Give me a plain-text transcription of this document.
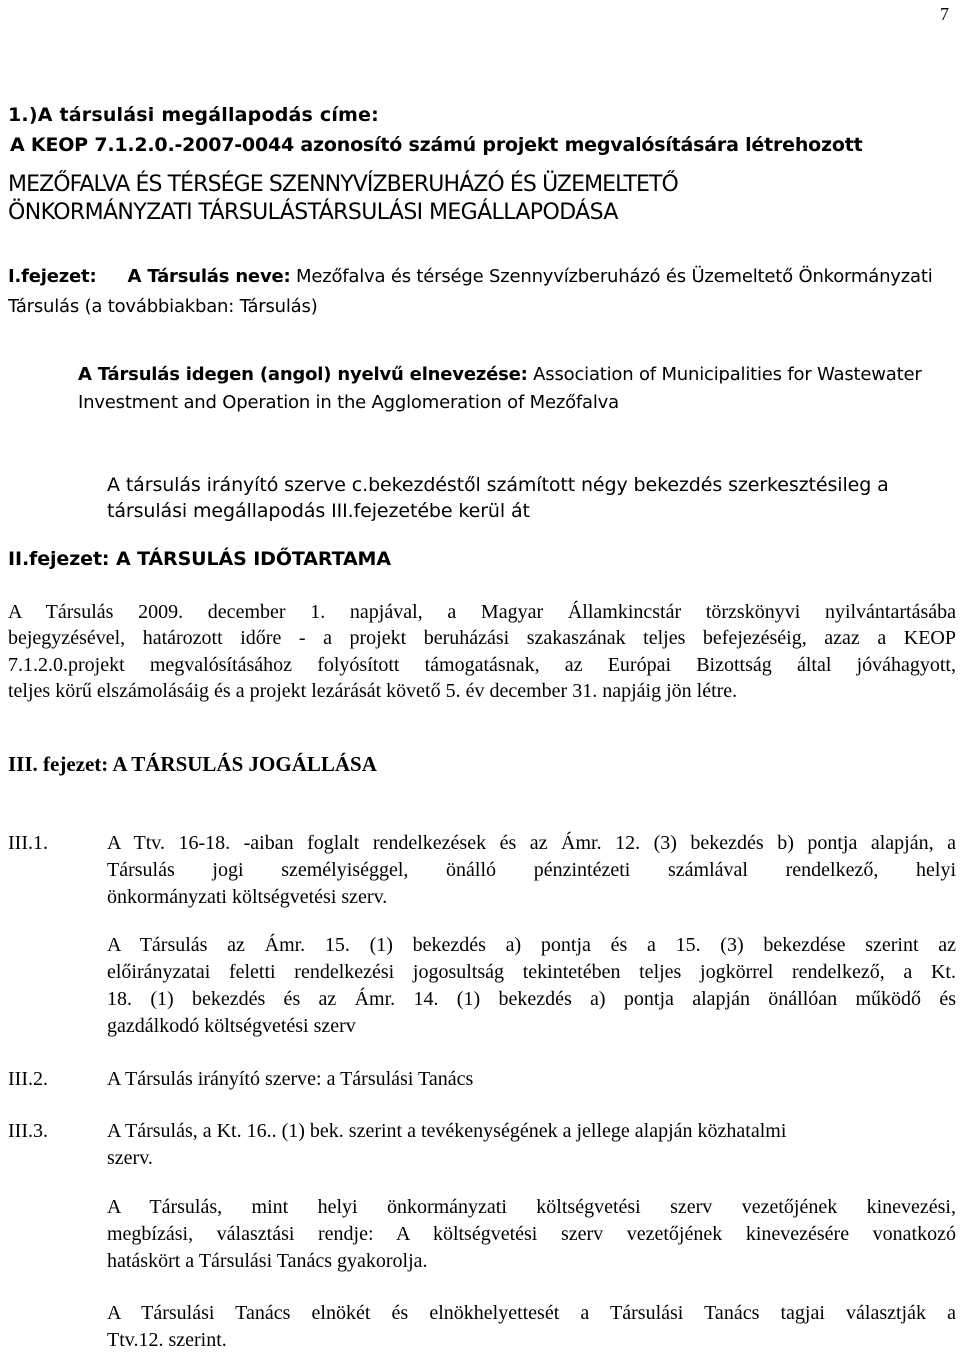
7
1.)A társulási megállapodás címe:
A KEOP 7.1.2.0.-2007-0044 azonosító számú projekt megvalósítására létrehozott
MEZŐFALVA ÉS TÉRSÉGE SZENNYVÍZBERUHÁZÓ ÉS ÜZEMELTETŐ
ÖNKORMÁNYZATI TÁRSULÁSTÁRSULÁSI MEGÁLLAPODÁSA
I.fejezet: A Társulás neve: Mezőfalva és térsége Szennyvízberuházó és Üzemeltető Önkormányzati
Társulás (a továbbiakban: Társulás)
A Társulás idegen (angol) nyelvű elnevezése: Association of Municipalities for Wastewater
Investment and Operation in the Agglomeration of Mezőfalva
A társulás irányító szerve c.bekezdéstől számított négy bekezdés szerkesztésileg a
társulási megállapodás III.fejezetébe kerül át
II.fejezet: A TÁRSULÁS IDŐTARTAMA

A Társulás 2009. december 1. napjával, a Magyar Államkincstár törzskönyvi nyilvántartásába

bejegyzésével, határozott időre - a projekt beruházási szakaszának teljes befejezéséig, azaz a KEOP

7.1.2.0.projekt megvalósításához folyósított támogatásnak, az Európai Bizottság által jóváhagyott,

teljes körű elszámolásáig és a projekt lezárását követő 5. év december 31. napjáig jön létre.
III. fejezet: A TÁRSULÁS JOGÁLLÁSA
III.1.	A Ttv. 16-18. -aiban foglalt rendelkezések és az Ámr. 12. (3) bekezdés b) pontja alapján, a

Társulás jogi személyiséggel, önálló pénzintézeti számlával rendelkező, helyi

önkormányzati költségvetési szerv.

A Társulás az Ámr. 15. (1) bekezdés a) pontja és a 15. (3) bekezdése szerint az

előirányzatai feletti rendelkezési jogosultság tekintetében teljes jogkörrel rendelkező, a Kt.

18. (1) bekezdés és az Ámr. 14. (1) bekezdés a) pontja alapján önállóan működő és

gazdálkodó költségvetési szerv

III.2.	A Társulás irányító szerve: a Társulási Tanács
III.3.	A Társulás, a Kt. 16.. (1) bek. szerint a tevékenységének a jellege alapján közhatalmi

szerv.

A Társulás, mint helyi önkormányzati költségvetési szerv vezetőjének kinevezési,

megbízási, választási rendje: A költségvetési szerv vezetőjének kinevezésére vonatkozó

hatáskört a Társulási Tanács gyakorolja.

A Társulási Tanács elnökét és elnökhelyettesét a Társulási Tanács tagjai választják a

Ttv.12. szerint.
